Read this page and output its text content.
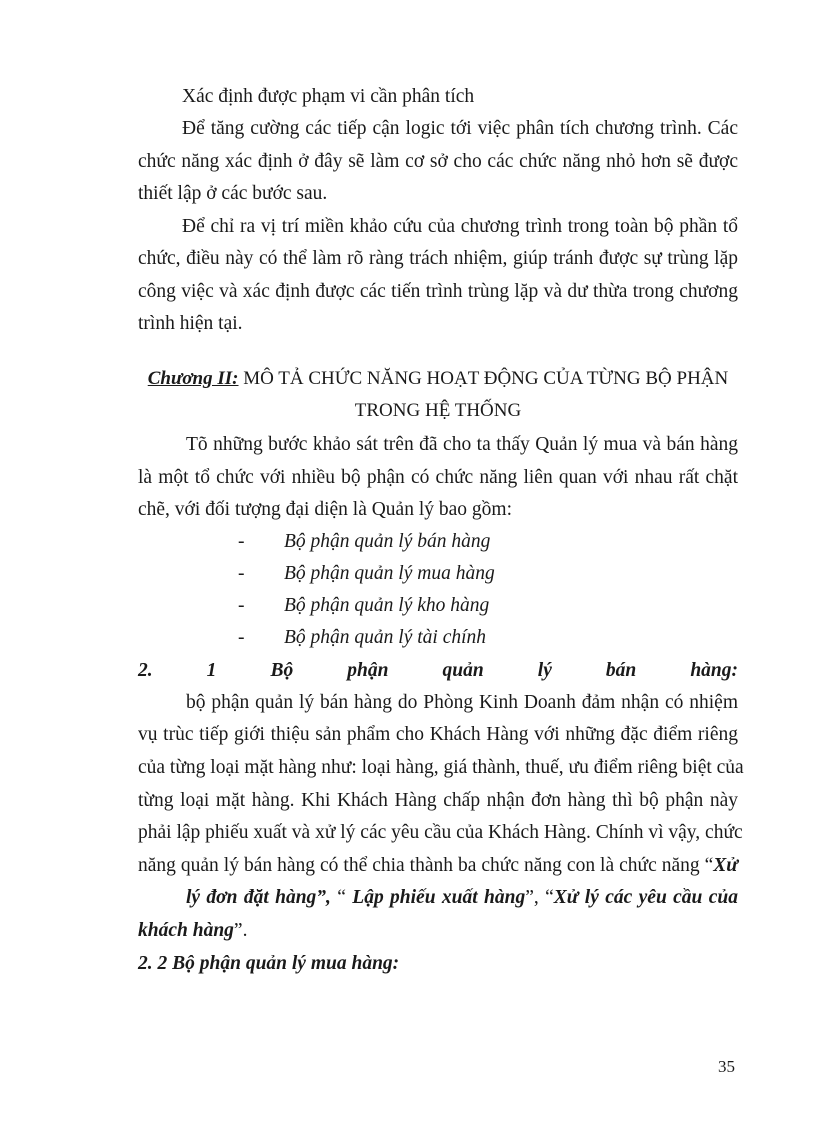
Xác định được phạm vi cần phân tích
Để tăng cường các tiếp cận logic tới việc phân tích chương trình. Các
chức năng xác định ở đây sẽ làm cơ sở cho các chức năng nhỏ hơn sẽ được
thiết lập ở các bước sau.
Để chỉ ra vị trí miền khảo cứu của chương trình trong toàn bộ phần tổ
chức, điều này có thể làm rõ ràng trách nhiệm, giúp tránh được sự trùng lặp
công việc và xác định được các tiến trình trùng lặp và dư thừa trong chương
trình hiện tại.
Chương II: MÔ TẢ CHỨC NĂNG HOẠT ĐỘNG CỦA TỪNG BỘ PHẬN
TRONG HỆ THỐNG
Tõ những bước khảo sát trên đã cho ta thấy Quản lý mua và bán hàng
là một tổ chức với nhiều bộ phận có chức năng liên quan với nhau rất chặt
chẽ, với đối tượng đại diện là Quản lý bao gồm:
- Bộ phận quản lý bán hàng
- Bộ phận quản lý mua hàng
- Bộ phận quản lý kho hàng
- Bộ phận quản lý tài chính
2.	1	Bộ	phận	quản	lý	bán	hàng:
bộ phận quản lý bán hàng do Phòng Kinh Doanh đảm nhận có nhiệm
vụ trùc tiếp giới thiệu sản phẩm cho Khách Hàng với những đặc điểm riêng
của từng loại mặt hàng như: loại hàng, giá thành, thuế, ưu điểm riêng biệt của
từng loại mặt hàng. Khi Khách Hàng chấp nhận đơn hàng thì bộ phận này
phải lập phiếu xuất và xử lý các yêu cầu của Khách Hàng. Chính vì vậy, chức
năng quản lý bán hàng có thể chia thành ba chức năng con là chức năng “Xử
lý đơn đặt hàng”, “ Lập phiếu xuất hàng”, “Xử lý các yêu cầu của
khách hàng”.
2. 2 Bộ phận quản lý mua hàng:
35
